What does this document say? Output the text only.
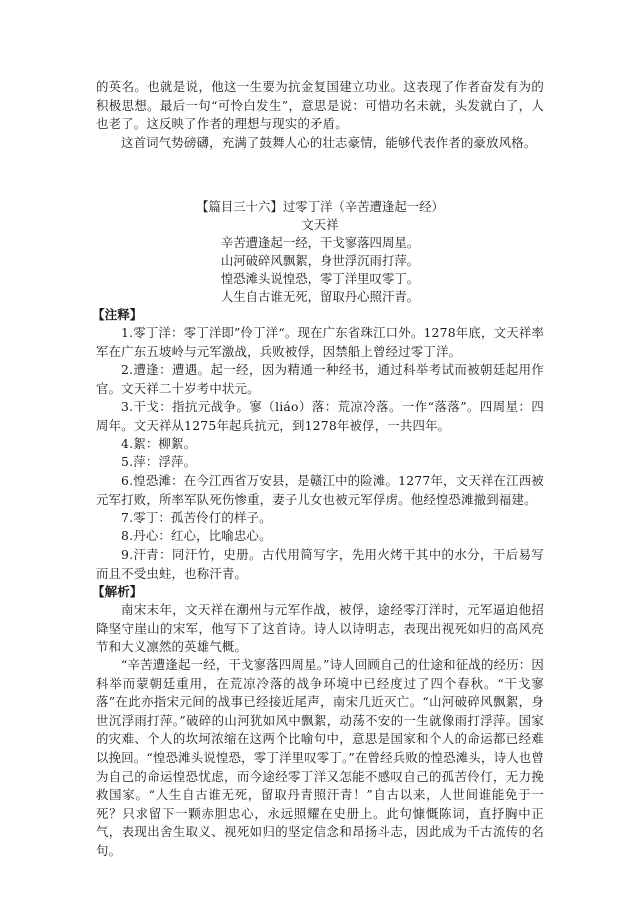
的英名。也就是说，他这一生要为抗金复国建立功业。这表现了作者奋发有为的积极思想。最后一句“可怜白发生”，意思是说：可惜功名未就，头发就白了，人也老了。这反映了作者的理想与现实的矛盾。

这首词气势磅礴，充满了鼓舞人心的壮志豪情，能够代表作者的豪放风格。

【篇目三十六】过零丁洋（辛苦遭逢起一经）

文天祥

辛苦遭逢起一经，干戈寥落四周星。

山河破碎风飘絮，身世浮沉雨打萍。

惶恐滩头说惶恐，零丁洋里叹零丁。

人生自古谁无死，留取丹心照汗青。

【注释】

1.零丁洋：零丁洋即”伶丁洋“。现在广东省珠江口外。1278年底，文天祥率军在广东五坡岭与元军激战，兵败被俘，因禁船上曾经过零丁洋。

2.遭逢：遭遇。起一经，因为精通一种经书，通过科举考试而被朝廷起用作官。文天祥二十岁考中状元。

3.干戈：指抗元战争。寥（liáo）落：荒凉冷落。一作“落落”。四周星：四周年。文天祥从1275年起兵抗元，到1278年被俘，一共四年。

4.絮：柳絮。

5.萍：浮萍。

6.惶恐滩：在今江西省万安县，是赣江中的险滩。1277年，文天祥在江西被元军打败，所率军队死伤惨重，妻子儿女也被元军俘虏。他经惶恐滩撤到福建。

7.零丁：孤苦伶仃的样子。

8.丹心：红心，比喻忠心。

9.汗青：同汗竹，史册。古代用简写字，先用火烤干其中的水分，干后易写而且不受虫蛀，也称汗青。

【解析】

南宋末年，文天祥在潮州与元军作战，被俘，途经零汀洋时，元军逼迫他招降坚守崖山的宋军，他写下了这首诗。诗人以诗明志，表现出视死如归的高风亮节和大义凛然的英雄气概。

“辛苦遭逢起一经，干戈寥落四周星。”诗人回顾自己的仕途和征战的经历：因科举而蒙朝廷重用，在荒凉冷落的战争环境中已经度过了四个春秋。“干戈寥落”在此亦指宋元间的战事已经接近尾声，南宋几近灭亡。“山河破碎风飘絮，身世沉浮雨打萍。”破碎的山河犹如风中飘絮，动荡不安的一生就像雨打浮萍。国家的灾难、个人的坎坷浓缩在这两个比喻句中，意思是国家和个人的命运都已经难以挽回。“惶恐滩头说惶恐，零丁洋里叹零丁。”在曾经兵败的惶恐滩头，诗人也曾为自己的命运惶恐忧虑，而今途经零丁洋又怎能不感叹自己的孤苦伶仃，无力挽救国家。“人生自古谁无死，留取丹青照汗青！”自古以来，人世间谁能免于一死？只求留下一颗赤胆忠心，永远照耀在史册上。此句慷慨陈词，直抒胸中正气，表现出舍生取义、视死如归的坚定信念和昂扬斗志，因此成为千古流传的名句。
